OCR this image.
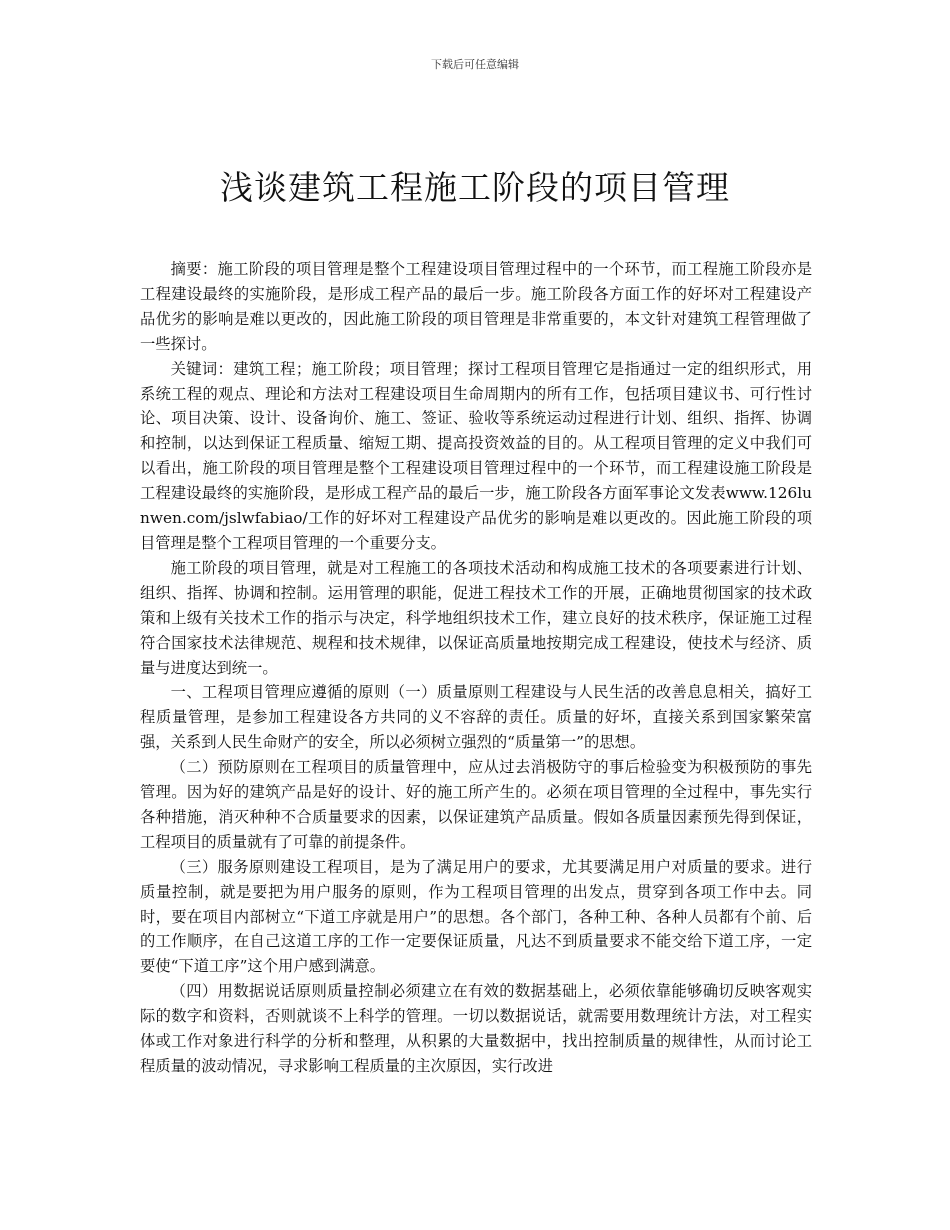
下载后可任意编辑
浅谈建筑工程施工阶段的项目管理

摘要：施工阶段的项目管理是整个工程建设项目管理过程中的一个环节，而工程施工阶段亦是工程建设最终的实施阶段，是形成工程产品的最后一步。施工阶段各方面工作的好坏对工程建设产品优劣的影响是难以更改的，因此施工阶段的项目管理是非常重要的，本文针对建筑工程管理做了一些探讨。

关键词：建筑工程；施工阶段；项目管理；探讨工程项目管理它是指通过一定的组织形式，用系统工程的观点、理论和方法对工程建设项目生命周期内的所有工作，包括项目建议书、可行性讨论、项目决策、设计、设备询价、施工、签证、验收等系统运动过程进行计划、组织、指挥、协调和控制，以达到保证工程质量、缩短工期、提高投资效益的目的。从工程项目管理的定义中我们可以看出，施工阶段的项目管理是整个工程建设项目管理过程中的一个环节，而工程建设施工阶段是工程建设最终的实施阶段，是形成工程产品的最后一步，施工阶段各方面军事论文发表www.126lunwen.com/jslwfabiao/工作的好坏对工程建设产品优劣的影响是难以更改的。因此施工阶段的项目管理是整个工程项目管理的一个重要分支。

施工阶段的项目管理，就是对工程施工的各项技术活动和构成施工技术的各项要素进行计划、组织、指挥、协调和控制。运用管理的职能，促进工程技术工作的开展，正确地贯彻国家的技术政策和上级有关技术工作的指示与决定，科学地组织技术工作，建立良好的技术秩序，保证施工过程符合国家技术法律规范、规程和技术规律，以保证高质量地按期完成工程建设，使技术与经济、质量与进度达到统一。

一、工程项目管理应遵循的原则（一）质量原则工程建设与人民生活的改善息息相关，搞好工程质量管理，是参加工程建设各方共同的义不容辞的责任。质量的好坏，直接关系到国家繁荣富强，关系到人民生命财产的安全，所以必须树立强烈的“质量第一”的思想。

（二）预防原则在工程项目的质量管理中，应从过去消极防守的事后检验变为积极预防的事先管理。因为好的建筑产品是好的设计、好的施工所产生的。必须在项目管理的全过程中，事先实行各种措施，消灭种种不合质量要求的因素，以保证建筑产品质量。假如各质量因素预先得到保证，工程项目的质量就有了可靠的前提条件。

（三）服务原则建设工程项目，是为了满足用户的要求，尤其要满足用户对质量的要求。进行质量控制，就是要把为用户服务的原则，作为工程项目管理的出发点，贯穿到各项工作中去。同时，要在项目内部树立“下道工序就是用户”的思想。各个部门，各种工种、各种人员都有个前、后的工作顺序，在自己这道工序的工作一定要保证质量，凡达不到质量要求不能交给下道工序，一定要使“下道工序”这个用户感到满意。

（四）用数据说话原则质量控制必须建立在有效的数据基础上，必须依靠能够确切反映客观实际的数字和资料，否则就谈不上科学的管理。一切以数据说话，就需要用数理统计方法，对工程实体或工作对象进行科学的分析和整理，从积累的大量数据中，找出控制质量的规律性，从而讨论工程质量的波动情况，寻求影响工程质量的主次原因，实行改进
